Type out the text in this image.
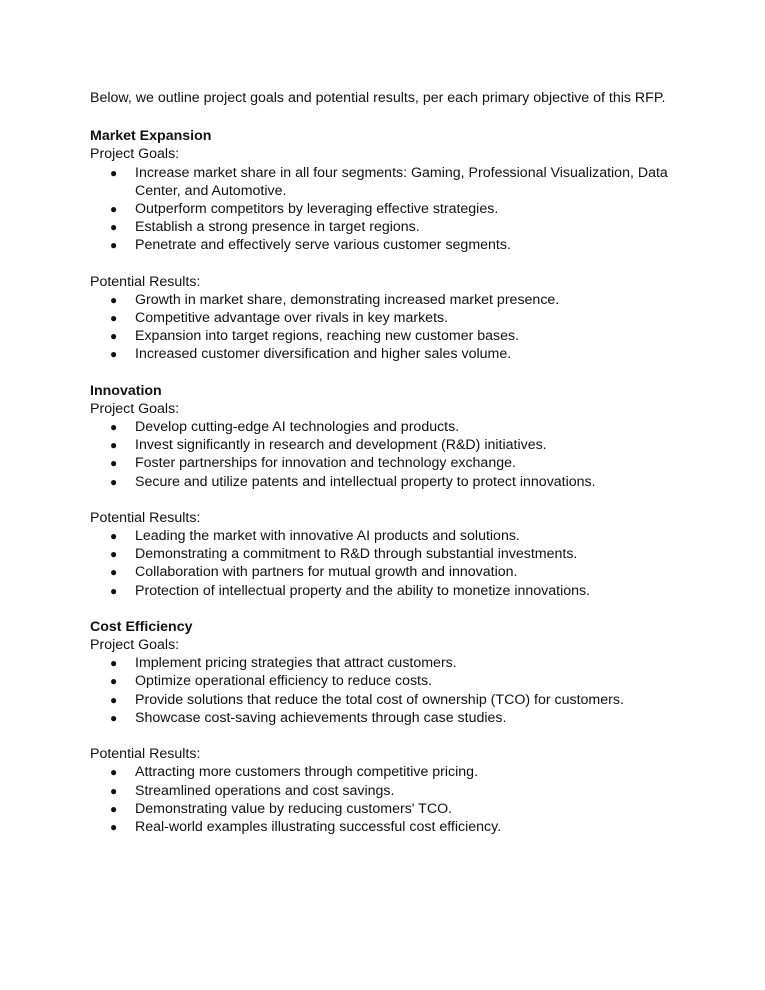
Below, we outline project goals and potential results, per each primary objective of this RFP.

Market Expansion

Project Goals:

● Increase market share in all four segments: Gaming, Professional Visualization, Data Center, and Automotive.
● Outperform competitors by leveraging effective strategies.
● Establish a strong presence in target regions.
● Penetrate and effectively serve various customer segments.

Potential Results:

● Growth in market share, demonstrating increased market presence.
● Competitive advantage over rivals in key markets.
● Expansion into target regions, reaching new customer bases.
● Increased customer diversification and higher sales volume.

Innovation

Project Goals:

● Develop cutting-edge AI technologies and products.
● Invest significantly in research and development (R&D) initiatives.
● Foster partnerships for innovation and technology exchange.
● Secure and utilize patents and intellectual property to protect innovations.

Potential Results:

● Leading the market with innovative AI products and solutions.
● Demonstrating a commitment to R&D through substantial investments.
● Collaboration with partners for mutual growth and innovation.
● Protection of intellectual property and the ability to monetize innovations.

Cost Efficiency

Project Goals:

● Implement pricing strategies that attract customers.
● Optimize operational efficiency to reduce costs.
● Provide solutions that reduce the total cost of ownership (TCO) for customers.
● Showcase cost-saving achievements through case studies.

Potential Results:

● Attracting more customers through competitive pricing.
● Streamlined operations and cost savings.
● Demonstrating value by reducing customers' TCO.
● Real-world examples illustrating successful cost efficiency.
